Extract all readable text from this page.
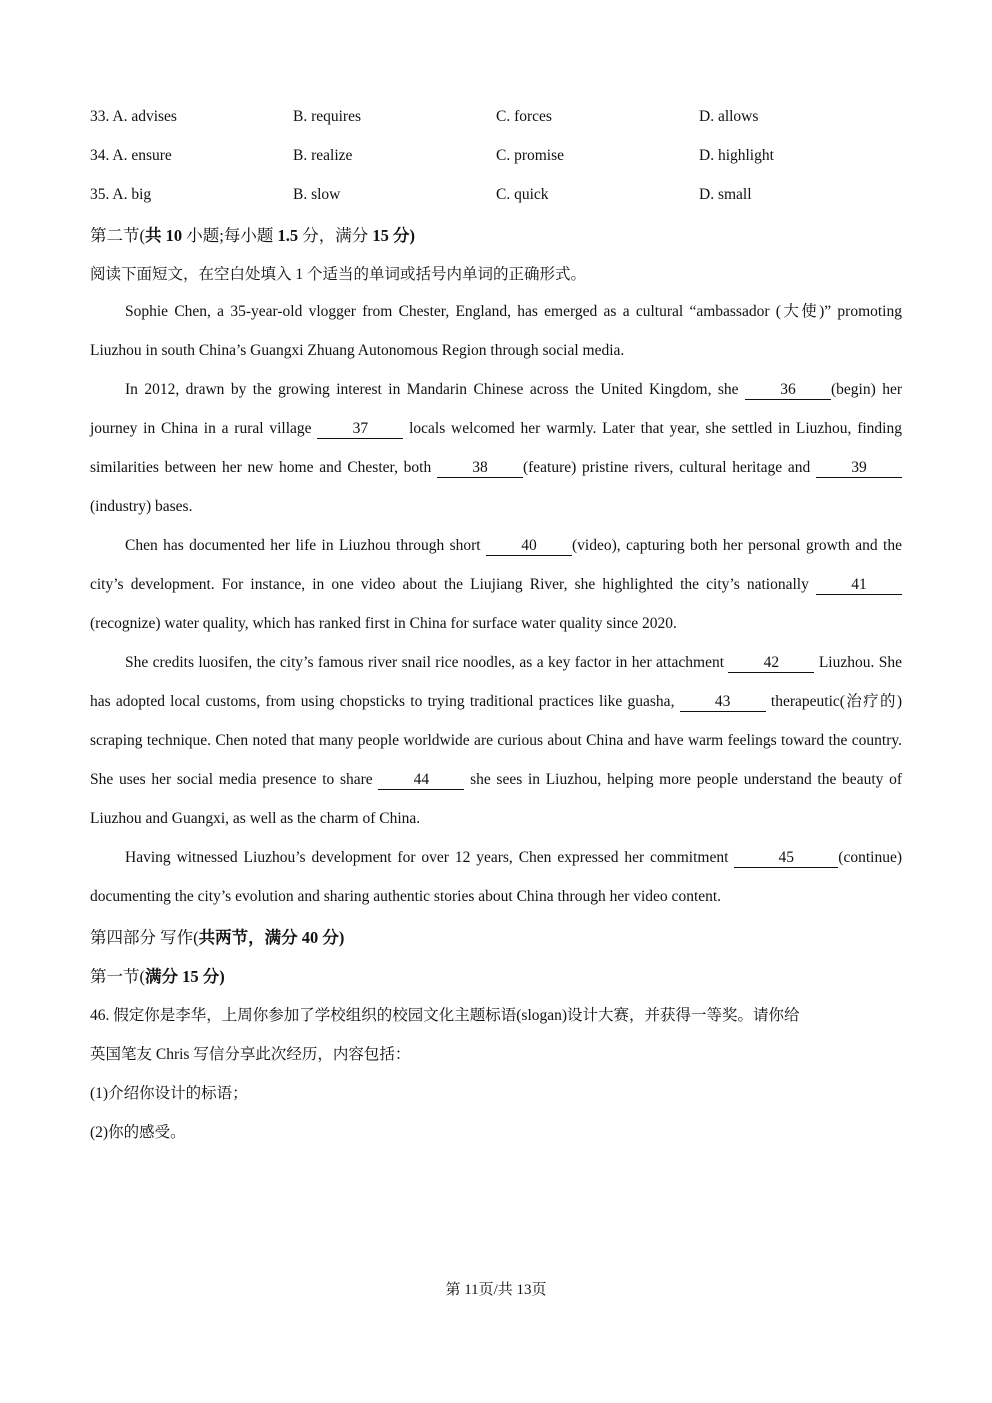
33. A. advises	B. requires	C. forces	D. allows
34. A. ensure	B. realize	C. promise	D. highlight
35. A. big	B. slow	C. quick	D. small
第二节(共 10 小题;每小题 1.5 分，满分 15 分)
阅读下面短文，在空白处填入 1 个适当的单词或括号内单词的正确形式。

Sophie Chen, a 35-year-old vlogger from Chester, England, has emerged as a cultural “ambassador (大使)” promoting Liuzhou in south China’s Guangxi Zhuang Autonomous Region through social media.

In 2012, drawn by the growing interest in Mandarin Chinese across the United Kingdom, she 36 (begin) her journey in China in a rural village 37 locals welcomed her warmly. Later that year, she settled in Liuzhou, finding similarities between her new home and Chester, both 38 (feature) pristine rivers, cultural heritage and 39(industry) bases.

Chen has documented her life in Liuzhou through short 40 (video), capturing both her personal growth and the city’s development. For instance, in one video about the Liujiang River, she highlighted the city’s nationally 41(recognize) water quality, which has ranked first in China for surface water quality since 2020.

She credits luosifen, the city’s famous river snail rice noodles, as a key factor in her attachment 42 Liuzhou. She has adopted local customs, from using chopsticks to trying traditional practices like guasha, 43 therapeutic(治疗的) scraping technique. Chen noted that many people worldwide are curious about China and have warm feelings toward the country. She uses her social media presence to share 44 she sees in Liuzhou, helping more people understand the beauty of Liuzhou and Guangxi, as well as the charm of China.

Having witnessed Liuzhou’s development for over 12 years, Chen expressed her commitment	45	(continue) documenting the city’s evolution and sharing authentic stories about China through her video content.

第四部分 写作(共两节，满分 40 分)
第一节(满分 15 分)
46. 假定你是李华，上周你参加了学校组织的校园文化主题标语(slogan)设计大赛，并获得一等奖。请你给
英国笔友 Chris 写信分享此次经历，内容包括：
(1)介绍你设计的标语；
(2)你的感受。
第 11页/共 13页
